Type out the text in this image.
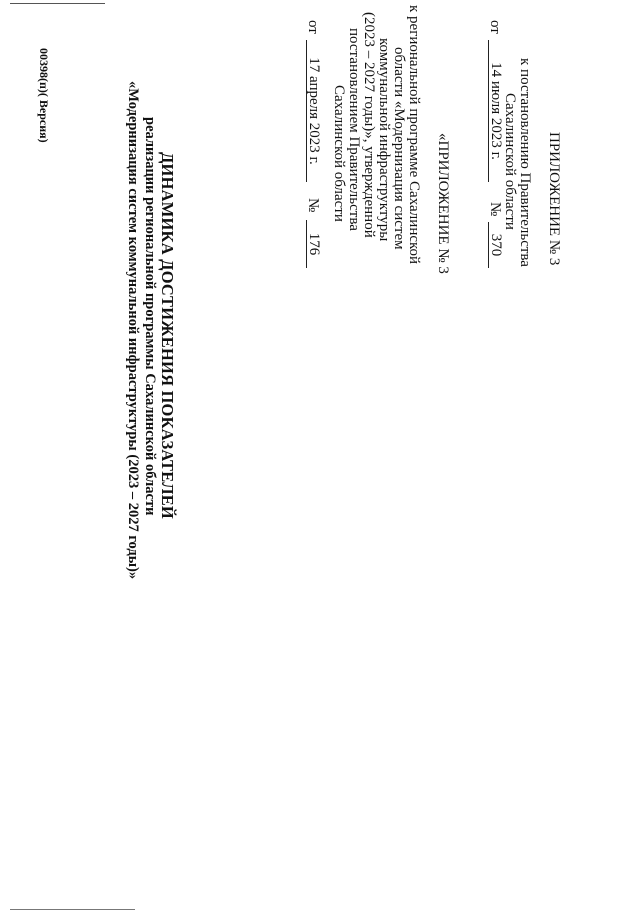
ПРИЛОЖЕНИЕ № 3
к постановлению Правительства
Сахалинской области
от
14 июля 2023 г.
№
370
«ПРИЛОЖЕНИЕ № 3
к региональной программе Сахалинской
области «Модернизация систем
коммунальной инфраструктуры
(2023 – 2027 годы)», утвержденной
постановлением Правительства
Сахалинской области
от
17 апреля 2023 г.
№
176
ДИНАМИКА ДОСТИЖЕНИЯ ПОКАЗАТЕЛЕЙ
реализации региональной программы Сахалинской области
«Модернизация систем коммунальной инфраструктуры (2023 – 2027 годы)»
00398(п)( Версия)
